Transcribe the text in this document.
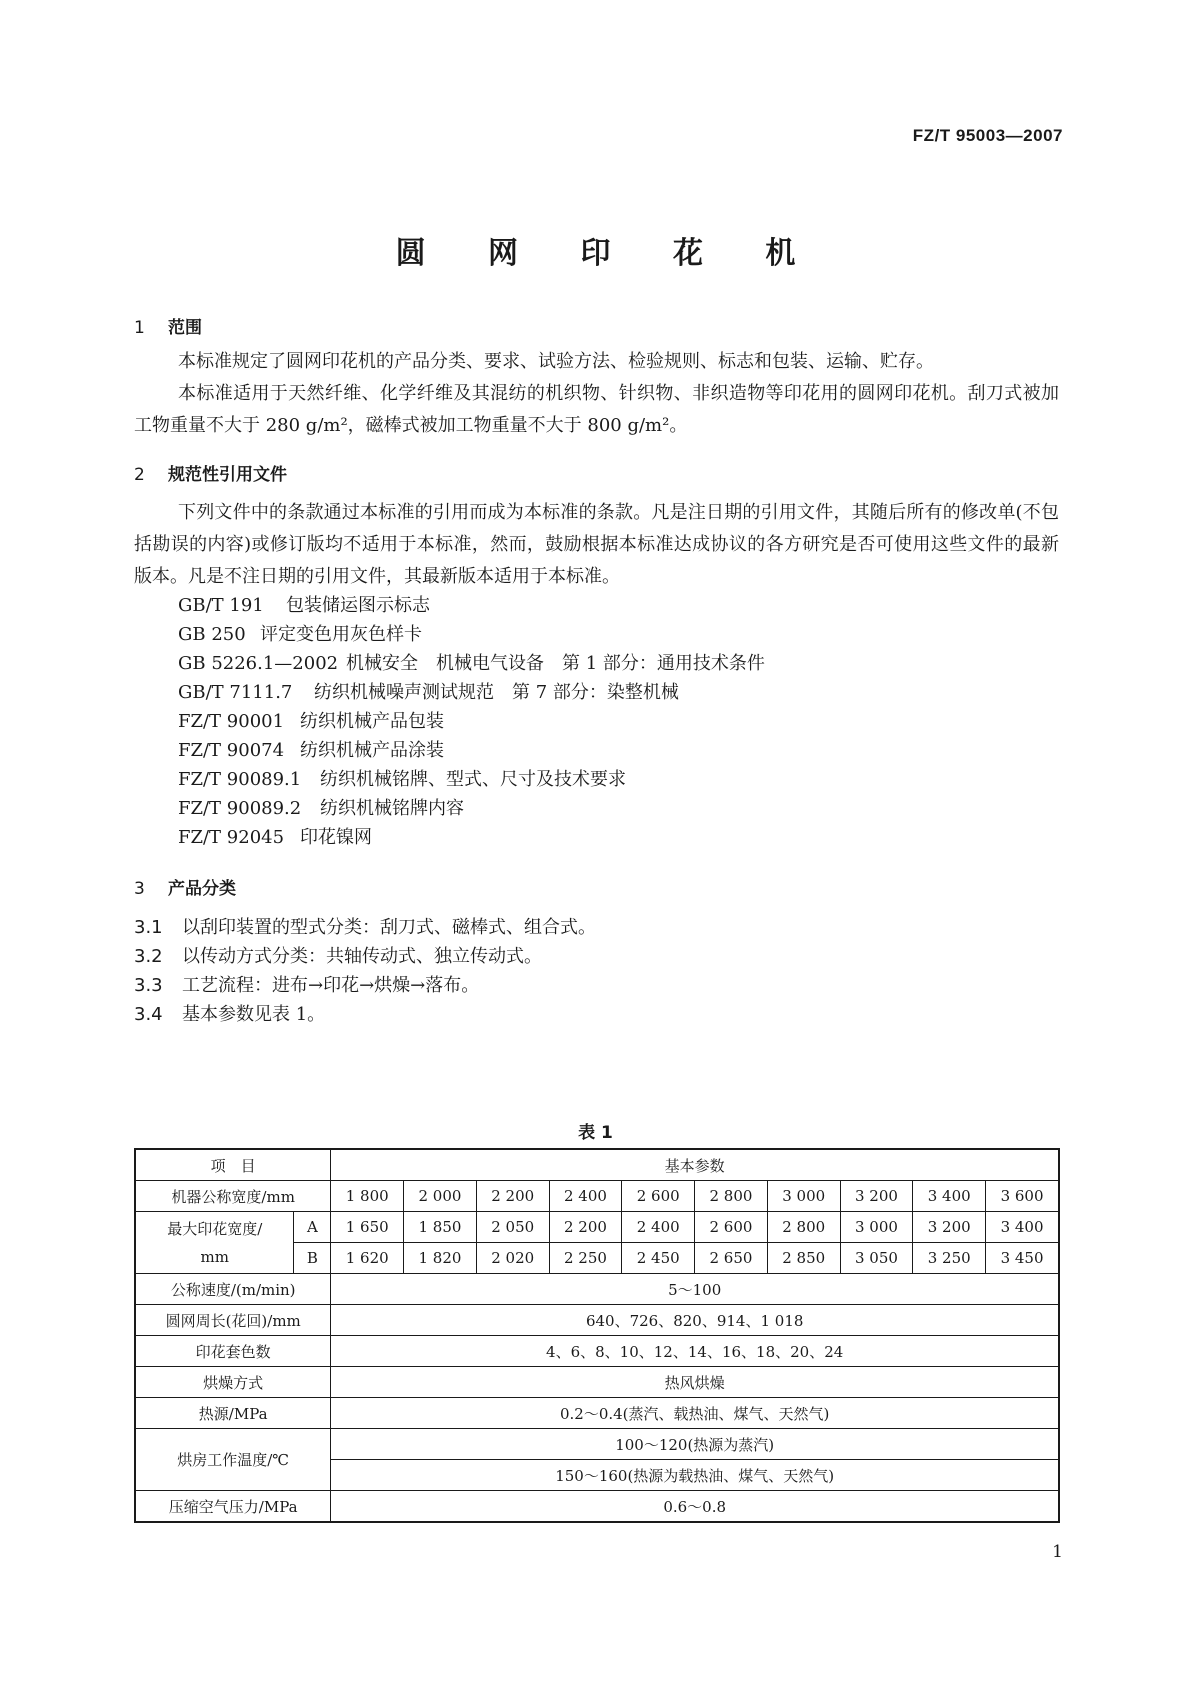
FZ/T 95003—2007
圆 网 印 花 机
1 范围
本标准规定了圆网印花机的产品分类、要求、试验方法、检验规则、标志和包装、运输、贮存。
本标准适用于天然纤维、化学纤维及其混纺的机织物、针织物、非织造物等印花用的圆网印花机。刮刀式被加工物重量不大于 280 g/m²，磁棒式被加工物重量不大于 800 g/m²。
2 规范性引用文件
下列文件中的条款通过本标准的引用而成为本标准的条款。凡是注日期的引用文件，其随后所有的修改单(不包括勘误的内容)或修订版均不适用于本标准，然而，鼓励根据本标准达成协议的各方研究是否可使用这些文件的最新版本。凡是不注日期的引用文件，其最新版本适用于本标准。
GB/T 191 包装储运图示标志
GB 250 评定变色用灰色样卡
GB 5226.1—2002 机械安全　机械电气设备　第 1 部分：通用技术条件
GB/T 7111.7 纺织机械噪声测试规范　第 7 部分：染整机械
FZ/T 90001 纺织机械产品包装
FZ/T 90074 纺织机械产品涂装
FZ/T 90089.1 纺织机械铭牌、型式、尺寸及技术要求
FZ/T 90089.2 纺织机械铭牌内容
FZ/T 92045 印花镍网
3 产品分类
3.1 以刮印装置的型式分类：刮刀式、磁棒式、组合式。
3.2 以传动方式分类：共轴传动式、独立传动式。
3.3 工艺流程：进布→印花→烘燥→落布。
3.4 基本参数见表 1。
表 1
项　目		基本参数									
机器公称宽度/mm		1 800	2 000	2 200	2 400	2 600	2 800	3 000	3 200	3 400	3 600

最大印花宽度/
mm	A	1 650	1 850	2 050	2 200	2 400	2 600	2 800	3 000	3 200	3 400
	B	1 620	1 820	2 020	2 250	2 450	2 650	2 850	3 050	3 250	3 450
公称速度/(m/min)		5～100									
圆网周长(花回)/mm		640、726、820、914、1 018									
印花套色数		4、6、8、10、12、14、16、18、20、24									
烘燥方式		热风烘燥									
热源/MPa		0.2～0.4(蒸汽、载热油、煤气、天然气)									
烘房工作温度/℃		100～120(热源为蒸汽)									
		150～160(热源为载热油、煤气、天然气)									
压缩空气压力/MPa		0.6～0.8									
1
